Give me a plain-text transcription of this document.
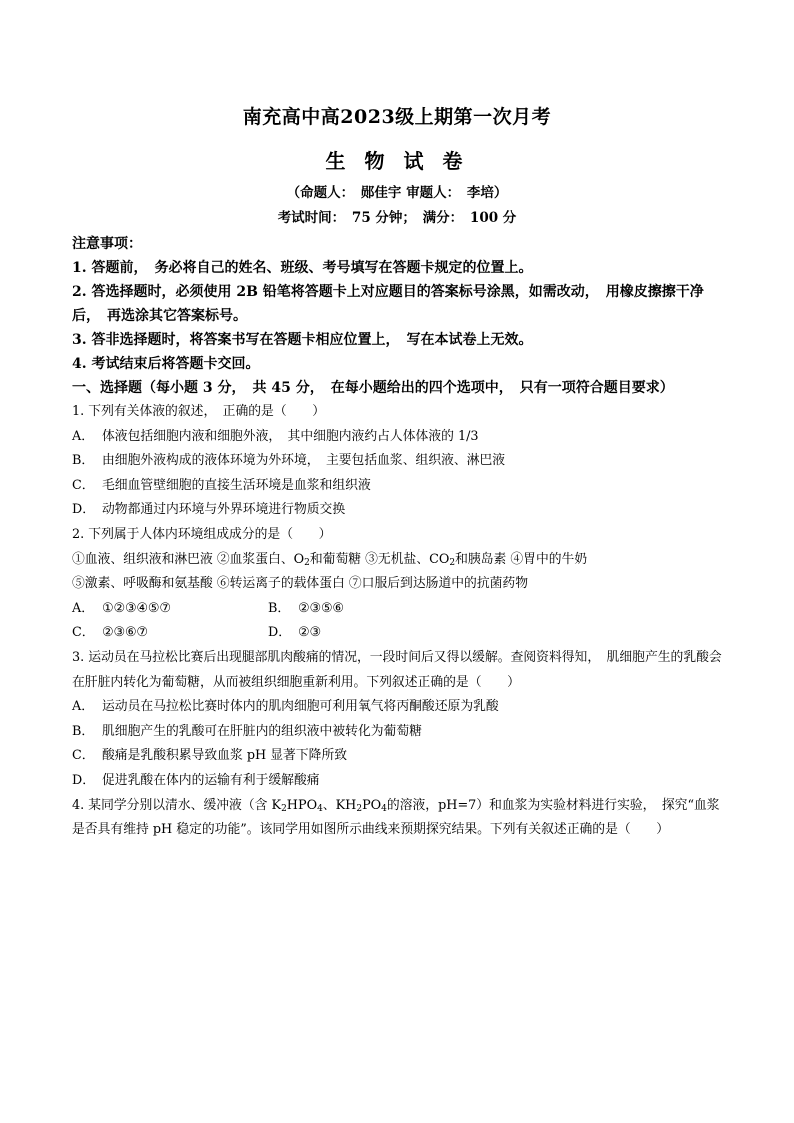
南充高中高2023级上期第一次月考
生 物 试 卷
（命题人：　郧佳宇 审题人：　李培）
考试时间：　75 分钟；　满分：　100 分
注意事项：
1. 答题前，　务必将自己的姓名、班级、考号填写在答题卡规定的位置上。
2. 答选择题时，必须使用 2B 铅笔将答题卡上对应题目的答案标号涂黑，如需改动，　用橡皮擦擦干净后，　再选涂其它答案标号。
3. 答非选择题时，将答案书写在答题卡相应位置上，　写在本试卷上无效。
4. 考试结束后将答题卡交回。
一、选择题（每小题 3 分，　共 45 分，　在每小题给出的四个选项中，　只有一项符合题目要求）
1. 下列有关体液的叙述，　正确的是（　　）
A． 体液包括细胞内液和细胞外液，　其中细胞内液约占人体体液的 1/3
B． 由细胞外液构成的液体环境为外环境，　主要包括血浆、组织液、淋巴液
C． 毛细血管壁细胞的直接生活环境是血浆和组织液
D． 动物都通过内环境与外界环境进行物质交换
2. 下列属于人体内环境组成成分的是（　　）
①血液、组织液和淋巴液 ②血浆蛋白、$O_2$和葡萄糖 ③无机盐、$CO_2$和胰岛素 ④胃中的牛奶
⑤激素、呼吸酶和氨基酸 ⑥转运离子的载体蛋白 ⑦口服后到达肠道中的抗菌药物
A． ①②③④⑤⑦	B． ②③⑤⑥
C． ②③⑥⑦	D． ②③
3. 运动员在马拉松比赛后出现腿部肌肉酸痛的情况，一段时间后又得以缓解。查阅资料得知，　肌细胞产生的乳酸会在肝脏内转化为葡萄糖，从而被组织细胞重新利用。下列叙述正确的是（　　）
A． 运动员在马拉松比赛时体内的肌肉细胞可利用氧气将丙酮酸还原为乳酸
B． 肌细胞产生的乳酸可在肝脏内的组织液中被转化为葡萄糖
C． 酸痛是乳酸积累导致血浆 pH 显著下降所致
D． 促进乳酸在体内的运输有利于缓解酸痛
4. 某同学分别以清水、缓冲液（含 $K_2HPO_4$、$KH_2PO_4$的溶液，pH=7）和血浆为实验材料进行实验，　探究“血浆是否具有维持 pH 稳定的功能”。该同学用如图所示曲线来预期探究结果。下列有关叙述正确的是（　　）
